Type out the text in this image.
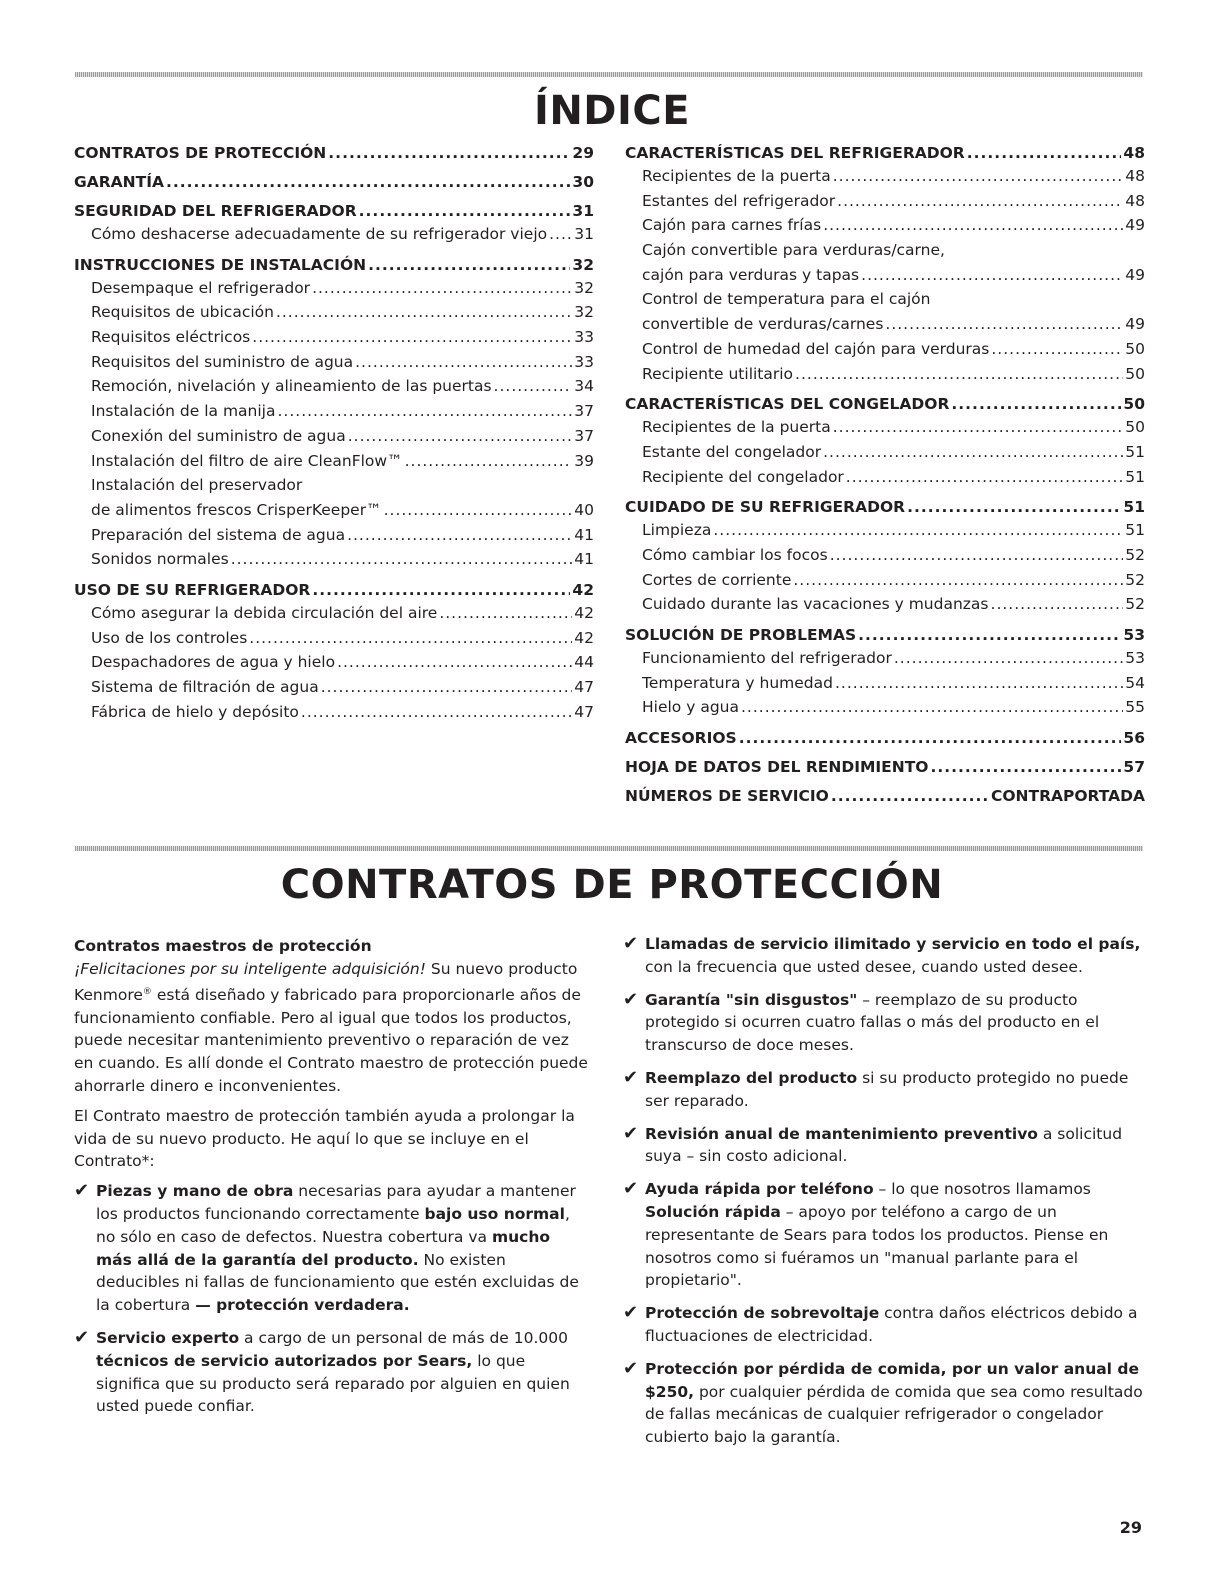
ÍNDICE
CONTRATOS DE PROTECCIÓN .....	29
GARANTÍA .....	30
SEGURIDAD DEL REFRIGERADOR .....	31
Cómo deshacerse adecuadamente de su refrigerador viejo ..... 31
INSTRUCCIONES DE INSTALACIÓN .....	32
Desempaque el refrigerador .....	32
Requisitos de ubicación .....	32
Requisitos eléctricos .....	33
Requisitos del suministro de agua .....	33
Remoción, nivelación y alineamiento de las puertas .....	34
Instalación de la manija .....	37
Conexión del suministro de agua .....	37
Instalación del filtro de aire CleanFlow™ .....	39
Instalación del preservador
de alimentos frescos CrisperKeeper™ .....	40
Preparación del sistema de agua .....	41
Sonidos normales .....	41
USO DE SU REFRIGERADOR .....	42
Cómo asegurar la debida circulación del aire .....	42
Uso de los controles .....	42
Despachadores de agua y hielo .....	44
Sistema de filtración de agua .....	47
Fábrica de hielo y depósito .....	47
CARACTERÍSTICAS DEL REFRIGERADOR .....	48
Recipientes de la puerta .....	48
Estantes del refrigerador .....	48
Cajón para carnes frías .....	49
Cajón convertible para verduras/carne,
cajón para verduras y tapas .....	49
Control de temperatura para el cajón
convertible de verduras/carnes .....	49
Control de humedad del cajón para verduras .....	50
Recipiente utilitario .....	50
CARACTERÍSTICAS DEL CONGELADOR .....	50
Recipientes de la puerta .....	50
Estante del congelador .....	51
Recipiente del congelador .....	51
CUIDADO DE SU REFRIGERADOR .....	51
Limpieza .....	51
Cómo cambiar los focos .....	52
Cortes de corriente .....	52
Cuidado durante las vacaciones y mudanzas .....	52
SOLUCIÓN DE PROBLEMAS .....	53
Funcionamiento del refrigerador .....	53
Temperatura y humedad .....	54
Hielo y agua .....	55
ACCESORIOS .....	56
HOJA DE DATOS DEL RENDIMIENTO .....	57
NÚMEROS DE SERVICIO .....	CONTRAPORTADA
CONTRATOS DE PROTECCIÓN
Contratos maestros de protección
¡Felicitaciones por su inteligente adquisición! Su nuevo producto Kenmore® está diseñado y fabricado para proporcionarle años de funcionamiento confiable. Pero al igual que todos los productos, puede necesitar mantenimiento preventivo o reparación de vez en cuando. Es allí donde el Contrato maestro de protección puede ahorrarle dinero e inconvenientes.
El Contrato maestro de protección también ayuda a prolongar la vida de su nuevo producto. He aquí lo que se incluye en el Contrato*:
✔ Piezas y mano de obra necesarias para ayudar a mantener los productos funcionando correctamente bajo uso normal, no sólo en caso de defectos. Nuestra cobertura va mucho más allá de la garantía del producto. No existen deducibles ni fallas de funcionamiento que estén excluidas de la cobertura — protección verdadera.
✔ Servicio experto a cargo de un personal de más de 10.000 técnicos de servicio autorizados por Sears, lo que significa que su producto será reparado por alguien en quien usted puede confiar.
✔ Llamadas de servicio ilimitado y servicio en todo el país, con la frecuencia que usted desee, cuando usted desee.
✔ Garantía "sin disgustos" – reemplazo de su producto protegido si ocurren cuatro fallas o más del producto en el transcurso de doce meses.
✔ Reemplazo del producto si su producto protegido no puede ser reparado.
✔ Revisión anual de mantenimiento preventivo a solicitud suya – sin costo adicional.
✔ Ayuda rápida por teléfono – lo que nosotros llamamos Solución rápida – apoyo por teléfono a cargo de un representante de Sears para todos los productos. Piense en nosotros como si fuéramos un "manual parlante para el propietario".
✔ Protección de sobrevoltaje contra daños eléctricos debido a fluctuaciones de electricidad.
✔ Protección por pérdida de comida, por un valor anual de $250, por cualquier pérdida de comida que sea como resultado de fallas mecánicas de cualquier refrigerador o congelador cubierto bajo la garantía.
29
